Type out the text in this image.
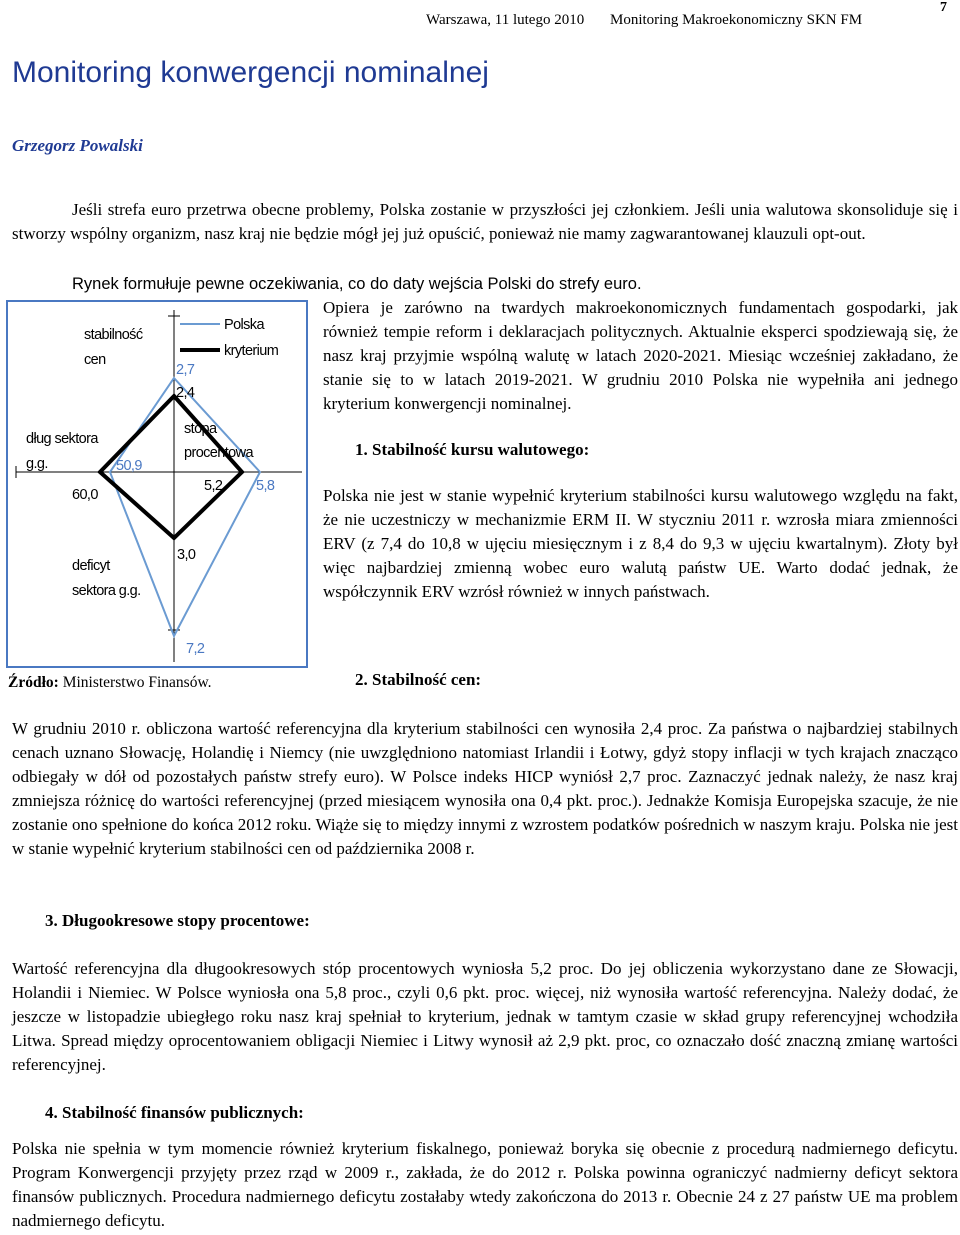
Warszawa, 11 lutego 2010 Monitoring Makroekonomiczny SKN FM
7
Monitoring konwergencji nominalnej
Grzegorz Powalski
Jeśli strefa euro przetrwa obecne problemy, Polska zostanie w przyszłości jej członkiem. Jeśli unia walutowa skonsoliduje się i stworzy wspólny organizm, nasz kraj nie będzie mógł jej już opuścić, ponieważ nie mamy zagwarantowanej klauzuli opt-out.
Rynek formułuje pewne oczekiwania, co do daty wejścia Polski do strefy euro.
Opiera je zarówno na twardych makroekonomicznych fundamentach gospodarki, jak również tempie reform i deklaracjach politycznych. Aktualnie eksperci spodziewają się, że nasz kraj przyjmie wspólną walutę w latach 2020-2021. Miesiąc wcześniej zakładano, że stanie się to w latach 2019-2021. W grudniu 2010 Polska nie wypełniła ani jednego kryterium konwergencji nominalnej.
1. Stabilność kursu walutowego:
Polska nie jest w stanie wypełnić kryterium stabilności kursu walutowego względu na fakt, że nie uczestniczy w mechanizmie ERM II. W styczniu 2011 r. wzrosła miara zmienności ERV (z 7,4 do 10,8 w ujęciu miesięcznym i z 8,4 do 9,3 w ujęciu kwartalnym). Złoty był więc najbardziej zmienną wobec euro walutą państw UE. Warto dodać jednak, że współczynnik ERV wzrósł również w innych państwach.
Polska
kryterium
stabilność
cen
dług sektora
g.g.
stopa
procentowa
deficyt
sektora g.g.
2,7
2,4
50,9
60,0
5,2 5,8
3,0
7,2
Źródło: Ministerstwo Finansów.	2. Stabilność cen:
W grudniu 2010 r. obliczona wartość referencyjna dla kryterium stabilności cen wynosiła 2,4 proc. Za państwa o najbardziej stabilnych cenach uznano Słowację, Holandię i Niemcy (nie uwzględniono natomiast Irlandii i Łotwy, gdyż stopy inflacji w tych krajach znacząco odbiegały w dół od pozostałych państw strefy euro). W Polsce indeks HICP wyniósł 2,7 proc. Zaznaczyć jednak należy, że nasz kraj zmniejsza różnicę do wartości referencyjnej (przed miesiącem wynosiła ona 0,4 pkt. proc.). Jednakże Komisja Europejska szacuje, że nie zostanie ono spełnione do końca 2012 roku. Wiąże się to między innymi z wzrostem podatków pośrednich w naszym kraju. Polska nie jest w stanie wypełnić kryterium stabilności cen od października 2008 r.
3. Długookresowe stopy procentowe:
Wartość referencyjna dla długookresowych stóp procentowych wyniosła 5,2 proc. Do jej obliczenia wykorzystano dane ze Słowacji, Holandii i Niemiec. W Polsce wyniosła ona 5,8 proc., czyli 0,6 pkt. proc. więcej, niż wynosiła wartość referencyjna. Należy dodać, że jeszcze w listopadzie ubiegłego roku nasz kraj spełniał to kryterium, jednak w tamtym czasie w skład grupy referencyjnej wchodziła Litwa. Spread między oprocentowaniem obligacji Niemiec i Litwy wynosił aż 2,9 pkt. proc, co oznaczało dość znaczną zmianę wartości referencyjnej.
4. Stabilność finansów publicznych:
Polska nie spełnia w tym momencie również kryterium fiskalnego, ponieważ boryka się obecnie z procedurą nadmiernego deficytu. Program Konwergencji przyjęty przez rząd w 2009 r., zakłada, że do 2012 r. Polska powinna ograniczyć nadmierny deficyt sektora finansów publicznych. Procedura nadmiernego deficytu zostałaby wtedy zakończona do 2013 r. Obecnie 24 z 27 państw UE ma problem nadmiernego deficytu.
